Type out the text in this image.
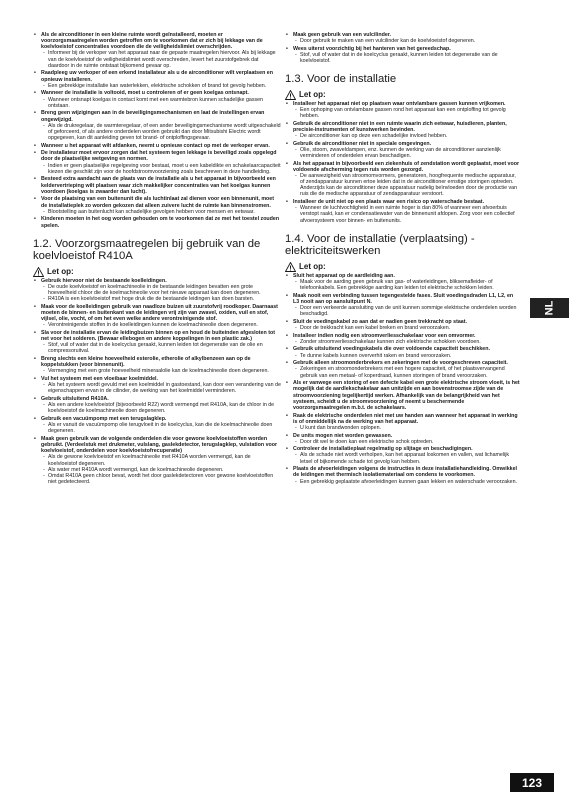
• Als de airconditioner in een kleine ruimte wordt geïnstalleerd, moeten er voorzorgsmaatregelen worden getroffen om te voorkomen dat er zich bij lekkage van de koelvloeistof concentraties voordoen die de veiligheidslimiet overschrijden.
- Informeer bij de verkoper van het apparaat naar de gepaste maatregelen hiervoor. Als bij lekkage van de koelvloeistof de veiligheidslimiet wordt overschreden, levert het zuurstofgebrek dat daardoor in de ruimte ontstaat bijkomend gevaar op.
• Raadpleeg uw verkoper of een erkend installateur als u de airconditioner wilt verplaatsen en opnieuw installeren.
- Een gebrekkige installatie kan waterlekken, elektrische schokken of brand tot gevolg hebben.
• Wanneer de installatie is voltooid, moet u controleren of er geen koelgas ontsnapt.
- Wanneer ontsnapt koelgas in contact komt met een warmtebron kunnen schadelijke gassen ontstaan.
• Breng geen wijzigingen aan in de beveiligingsmechanismen en laat de instellingen ervan ongewijzigd.
- Als de drukregelaar, de warmteregelaar, of een ander beveiligingsmechanisme wordt uitgeschakeld of geforceerd, of als andere onderdelen worden gebruikt dan door Mitsubishi Electric wordt opgegeven, kan dit aanleiding geven tot brand- of ontploffingsgevaar.
• Wanneer u het apparaat wilt afdanken, neemt u opnieuw contact op met de verkoper ervan.
• De installateur moet ervoor zorgen dat het systeem tegen lekkage is beveiligd zoals opgelegd door de plaatselijke wetgeving en normen.
- Indien er geen plaatselijke regelgeving voor bestaat, moet u een kabeldikte en schakelaarcapaciteit kiezen die geschikt zijn voor de hoofdstroomvoorziening zoals beschreven in deze handleiding.
• Besteed extra aandacht aan de plaats van de installatie als u het apparaat in bijvoorbeeld een keldervertrieping wilt plaatsen waar zich makkelijker concentraties van het koelgas kunnen voordoen (koelgas is zwaarder dan lucht).
• Voor de plaatsing van een buitenunit die als luchtinlaat zal dienen voor een binnenunit, moet de installatieplek zo worden gekozen dat alleen zuivere lucht de ruimte kan binnenstromen.
- Blootstelling aan buitenlucht kan schadelijke gevolgen hebben voor mensen en eetwaar.
• Kinderen moeten in het oog worden gehouden om te voorkomen dat ze met het toestel zouden spelen.
1.2. Voorzorgsmaatregelen bij gebruik van de koelvloeistof R410A
Let op:
• Gebruik hiervoor niet de bestaande koelleidingen.
- De oude koelvloeistof en koelmachineolie in de bestaande leidingen bevatten een grote hoeveelheid chloor die de koelmachineolie voor het nieuwe apparaat kan doen degeneren.
- R410A is een koelvloeistof met hoge druk die de bestaande leidingen kan doen barsten.
• Maak voor de koelleidingen gebruik van naadloze buizen uit zuurstofvrij roodkoper. Daarnaast moeten de binnen- en buitenkant van de leidingen vrij zijn van zwavel, oxiden, vuil en stof, vijlsel, olie, vocht, of om het even welke andere verontreinigende stof.
- Verontreinigende stoffen in de koelleidingen kunnen de koelmachineolie doen degeneren.
• Sla voor de installatie ervan de leidingbuizen binnen op en houd de buiteinden afgesloten tot net voor het solderen. (Bewaar ellebogen en andere koppelingen in een plastic zak.)
- Stof, vuil of water dat in de koelcyclus geraakt, kunnen leiden tot degeneratie van de olie en compressoruitval.
• Breng slechts een kleine hoeveelheid esterolie, etherolie of alkylbenzeen aan op de koppelstukken (voor binnenunit).
- Vermenging met een grote hoeveelheid mineraalolie kan de koelmachineolie doen degeneren.
• Vul het systeem met een vloeibaar koelmiddel.
- Als het systeem wordt gevuld met een koelmiddel in gastoestand, kan door een verandering van de eigenschappen ervan in de cilinder, de werking van het koelmiddel verminderen.
• Gebruik uitsluitend R410A.
- Als een andere koelvloeistof (bijvoorbeeld R22) wordt vermengd met R410A, kan de chloor in de koelvloeistof de koelmachineolie doen degeneren.
• Gebruik een vacuümpomp met een terugslagklep.
- Als er vanuit de vacuümpomp olie terugvloeit in de koelcyclus, kan die de koelmachineolie doen degeneren.
• Maak geen gebruik van de volgende onderdelen die voor gewone koelvloeistoffen worden gebruikt. (Verdeelstuk met drukmeter, vulslang, gaslekdetector, terugslagklep, vulstation voor koelvloeistof, onderdelen voor koelvloeistofrecuperatie)
- Als de gewone koelvloeistof en koelmachineolie met R410A worden vermengd, kan de koelvloeistof degeneren.
- Als water met R410A wordt vermengd, kan de koelmachineolie degeneren.
- Omdat R410A geen chloor bevat, wordt het door gaslekdetectoren voor gewone koelvloeistoffen niet gedetecteerd.
• Maak geen gebruik van een vulcilinder.
- Door gebruik te maken van een vulcilinder kan de koelvloeistof degeneren.
• Wees uiterst voorzichtig bij het hanteren van het gereedschap.
- Stof, vuil of water dat in de koelcyclus geraakt, kunnen leiden tot degeneratie van de koelvloeistof.
1.3. Voor de installatie
Let op:
• Installeer het apparaat niet op plaatsen waar ontvlambare gassen kunnen vrijkomen.
- Een ophoping van ontvlambare gassen rond het apparaat kan een ontploffing tot gevolg hebben.
• Gebruik de airconditioner niet in een ruimte waarin zich eetwaar, huisdieren, planten, precisie-instrumenten of kunstwerken bevinden.
- De airconditioner kan op deze een schadelijke invloed hebben.
• Gebruik de airconditioner niet in speciale omgevingen.
- Olie, stoom, zwaveldampen, enz. kunnen de werking van de airconditioner aanzienlijk verminderen of onderdelen ervan beschadigen.
• Als het apparaat in bijvoorbeeld een ziekenhuis of zendstation wordt geplaatst, moet voor voldoende afscherming tegen ruis worden gezorgd.
- De aanwezigheid van stroomomvormers, generatoren, hoogfrequente medische apparatuur, of zendapparatuur kunnen ertoe leiden dat in de airconditioner ernstige storingen optreden. Anderzijds kan de airconditioner deze apparatuur nadelig beïnvloeden door de productie van ruis die de medische apparatuur of zendapparatuur verstoort.
• Installeer de unit niet op een plaats waar een risico op waterschade bestaat.
- Wanneer de luchtvochtigheid in een ruimte hoger is dan 80% of wanneer een afvoerbuis verstopt raakt, kan er condensatiewater van de binnenunit afdopen. Zorg voor een collectief afvoersysteem voor binnen- en buitenunits.
1.4. Voor de installatie (verplaatsing) - elektriciteitswerken
Let op:
• Sluit het apparaat op de aardleiding aan.
- Maak voor de aarding geen gebruik van gas- of waterleidingen, bliksemafleider- of telefoonkabels. Een gebrekkige aarding kan leiden tot elektrische schokken leiden.
• Maak nooit een verbinding tussen tegengestelde fases. Sluit voedingsdraden L1, L2, en L3 nooit aan op aansluitpunt N.
- Door een verkeerde aansluiting van de unit kunnen sommige elektrische onderdelen worden beschadigd.
• Sluit de voedingskabel zo aan dat er nadien geen trekkracht op staat.
- Door de trekkracht kan een kabel breken en brand veroorzaken.
• Installeer indien nodig een stroomverliesschakelaar voor een omvormer.
- Zonder stroomverliesschakelaar kunnen zich elektrische schokken voordoen.
• Gebruik uitsluitend voedingskabels die over voldoende capaciteit beschikken.
- Te dunne kabels kunnen oververhit raken en brand veroorzaken.
• Gebruik alleen stroomonderbrekers en zekeringen met de voorgeschreven capaciteit.
- Zekeringen en stroomonderbrekers met een hogere capaciteit, of het plaatsvervangend gebruik van een metaal- of koperdraad, kunnen storingen of brand veroorzaken.
• Als er vanwege een storing of een defecte kabel een grote elektrische stroom vloeit, is het mogelijk dat de aardlekschakelaar aan unitzijde en aan bovenstroomse zijde van de stroomvoorziening tegelijkertijd werken. Afhankelijk van de belangrijkheid van het systeem, scheidt u de stroomvoorziening of neemt u beschermende voorzorgsmaatregelen m.b.t. de schakelaars.
• Raak de elektrische onderdelen niet met uw handen aan wanneer het apparaat in werking is of onmiddellijk na de werking van het apparaat.
- U kunt dan brandwonden oplopen.
• De units mogen niet worden gewassen.
- Door dit wel te doen kan een elektrische schok optreden.
• Controleer de installatieplaat regelmatig op slijtage en beschadigingen.
- Als de schade niet wordt verholpen, kan het apparaat loskomen en vallen, wat lichamelijk letsel of bijkomende schade tot gevolg kan hebben.
• Plaats de afvoerleidingen volgens de instructies in deze installatiehandleiding. Omwikkel de leidingen met thermisch isolatiemateriaal om condens te voorkomen.
- Een gebrekkig geplaatste afvoerleidingen kunnen gaan lekken en waterschade veroorzaken.
NL
123
